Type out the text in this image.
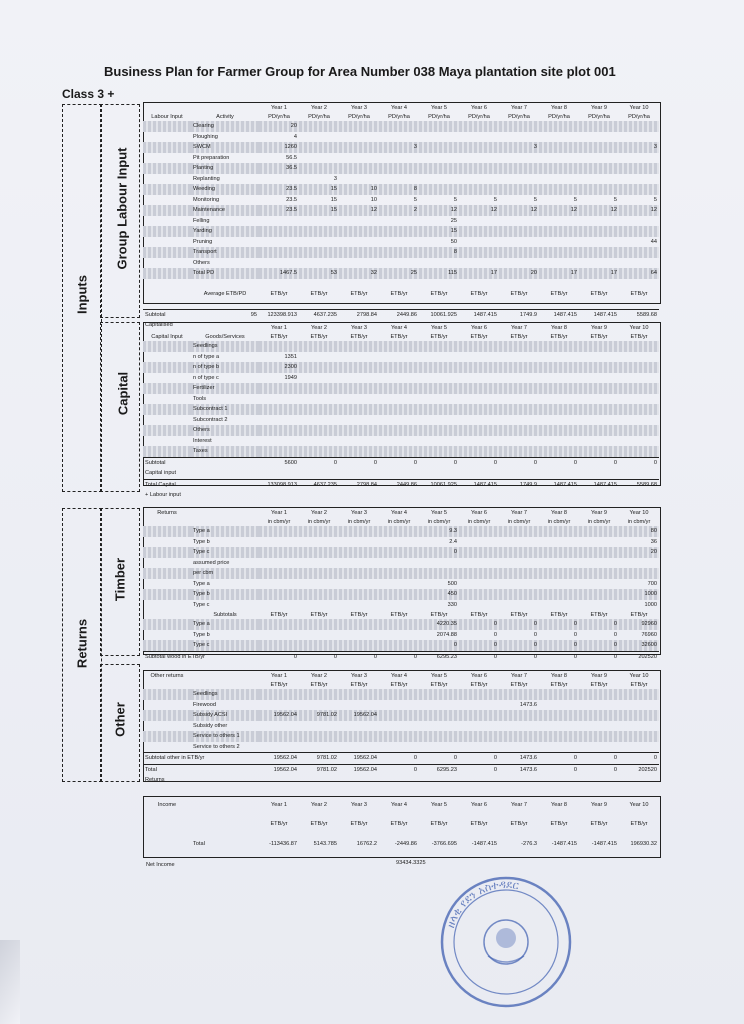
Business Plan for Farmer Group for Area Number 038 Maya plantation site plot 001
Class 3 +
Inputs
Group Labour Input
Capital
Returns
Timber
Other
		Year 1	Year 2	Year 3	Year 4	Year 5	Year 6	Year 7	Year 8	Year 9	Year 10
Labour Input	Activity	PD/yr/ha	PD/yr/ha	PD/yr/ha	PD/yr/ha	PD/yr/ha	PD/yr/ha	PD/yr/ha	PD/yr/ha	PD/yr/ha	PD/yr/ha
	Clearing	20									
	Ploughing	4									
	SWCM	1260			3			3			3
	Pit preparation	56.5									
	Planting	36.5									
	Replanting		3								
	Weeding	23.5	15	10	8						
	Monitoring	23.5	15	10	5	5	5	5	5	5	5
	Maintenance	23.5	15	12	2	12	12	12	12	12	12
	Felling					25					
	Yarding					15					
	Pruning					50					44
	Transport					8					
	Others										
	Total PD	1467.5	53	32	25	115	17	20	17	17	64

	Average ETB/PD	ETB/yr	ETB/yr	ETB/yr	ETB/yr	ETB/yr	ETB/yr	ETB/yr	ETB/yr	ETB/yr	ETB/yr

Subtotal	95	123398.913	4637.235	2798.84	2449.86	10061.925	1487.415	1749.9	1487.415	1487.415	5589.68
Capitalised											
			Year 1	Year 2	Year 3	Year 4	Year 5	Year 6	Year 7	Year 8	Year 9	Year 10
Capital Input	Goods/Services	ETB/yr	ETB/yr	ETB/yr	ETB/yr	ETB/yr	ETB/yr	ETB/yr	ETB/yr	ETB/yr	ETB/yr
	Seedlings										
	n of type a	1351									
	n of type b	2300									
	n of type c	1949									
	Fertilizer										
	Tools										
	Subcontract 1										
	Subcontract 2										
	Others										
	Interest										
	Taxes										
Subtotal		5600	0	0	0	0	0	0	0	0	0
Capital input											
Total Capital		133098.913	4637.235	2798.84	2449.86	10061.925	1487.415	1749.9	1487.415	1487.415	5589.68
+ Labour input											
Returns		Year 1	Year 2	Year 3	Year 4	Year 5	Year 6	Year 7	Year 8	Year 9	Year 10
		in cbm/yr	in cbm/yr	in cbm/yr	in cbm/yr	in cbm/yr	in cbm/yr	in cbm/yr	in cbm/yr	in cbm/yr	in cbm/yr
	Type a					9.3					80
	Type b					2.4					36
	Type c					0					20
	assumed price										
	per cbm										
	Type a					500					700
	Type b					450					1000
	Type c					330					1000
	Subtotals	ETB/yr	ETB/yr	ETB/yr	ETB/yr	ETB/yr	ETB/yr	ETB/yr	ETB/yr	ETB/yr	ETB/yr
	Type a					4220.35	0	0	0	0	92960
	Type b					2074.88	0	0	0	0	76960
	Type c					0	0	0	0	0	32600
Subtotal wood in ETB/yr		0	0	0	0	6295.23	0	0	0	0	202520
Other returns		Year 1	Year 2	Year 3	Year 4	Year 5	Year 6	Year 7	Year 8	Year 9	Year 10
		ETB/yr	ETB/yr	ETB/yr	ETB/yr	ETB/yr	ETB/yr	ETB/yr	ETB/yr	ETB/yr	ETB/yr
	Seedlings										
	Firewood							1473.6			
	Subsidy ACSI	19562.04	9781.02	19562.04							
	Subsidy other										
	Service to others 1										
	Service to others 2										
Subtotal other in ETB/yr		19562.04	9781.02	19562.04	0	0	0	1473.6	0	0	0
Total		19562.04	9781.02	19562.04	0	6295.23	0	1473.6	0	0	202520
Returns											
Income		Year 1	Year 2	Year 3	Year 4	Year 5	Year 6	Year 7	Year 8	Year 9	Year 10

		ETB/yr	ETB/yr	ETB/yr	ETB/yr	ETB/yr	ETB/yr	ETB/yr	ETB/yr	ETB/yr	ETB/yr

	Total	-113436.87	5143.785	16762.2	-2449.86	-3766.695	-1487.415	-276.3	-1487.415	-1487.415	196930.32
Net Income	93434.3325
ዘላቂ የደን አስተዳደር
